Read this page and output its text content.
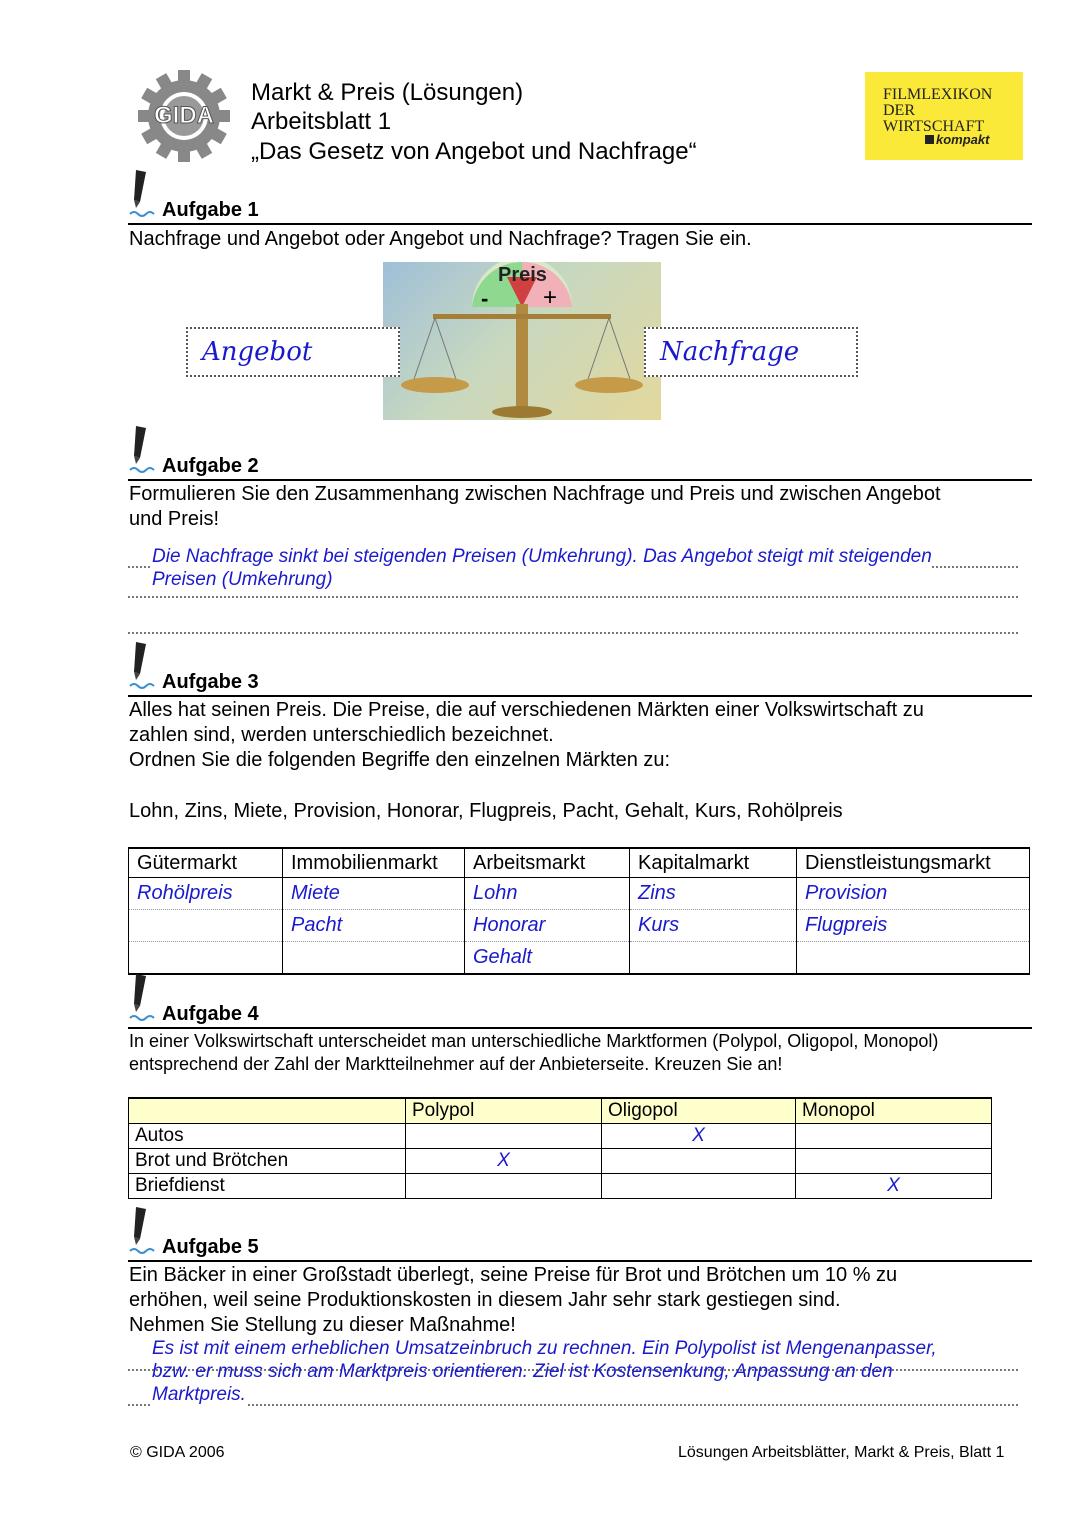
GIDA
Markt & Preis (Lösungen)
Arbeitsblatt 1
„Das Gesetz von Angebot und Nachfrage“
FILMLEXIKON
DER
WIRTSCHAFT
kompakt
Aufgabe 1
Nachfrage und Angebot oder Angebot und Nachfrage? Tragen Sie ein.
Preis
- +
Angebot	Nachfrage
Aufgabe 2
Formulieren Sie den Zusammenhang zwischen Nachfrage und Preis und zwischen Angebot
und Preis!
Die Nachfrage sinkt bei steigenden Preisen (Umkehrung). Das Angebot steigt mit steigenden
Preisen (Umkehrung)
Aufgabe 3
Alles hat seinen Preis. Die Preise, die auf verschiedenen Märkten einer Volkswirtschaft zu
zahlen sind, werden unterschiedlich bezeichnet.
Ordnen Sie die folgenden Begriffe den einzelnen Märkten zu:
Lohn, Zins, Miete, Provision, Honorar, Flugpreis, Pacht, Gehalt, Kurs, Rohölpreis
Gütermarkt	Immobilienmarkt	Arbeitsmarkt	Kapitalmarkt	Dienstleistungsmarkt
Rohölpreis	Miete	Lohn	Zins	Provision
	Pacht	Honorar	Kurs	Flugpreis
		Gehalt		
Aufgabe 4
In einer Volkswirtschaft unterscheidet man unterschiedliche Marktformen (Polypol, Oligopol, Monopol)
entsprechend der Zahl der Marktteilnehmer auf der Anbieterseite. Kreuzen Sie an!
	Polypol	Oligopol	Monopol
Autos		X	
Brot und Brötchen	X		
Briefdienst			X
Aufgabe 5
Ein Bäcker in einer Großstadt überlegt, seine Preise für Brot und Brötchen um 10 % zu
erhöhen, weil seine Produktionskosten in diesem Jahr sehr stark gestiegen sind.
Nehmen Sie Stellung zu dieser Maßnahme!
Es ist mit einem erheblichen Umsatzeinbruch zu rechnen. Ein Polypolist ist Mengenanpasser,
bzw. er muss sich am Marktpreis orientieren. Ziel ist Kostensenkung, Anpassung an den
Marktpreis.
© GIDA 2006	Lösungen Arbeitsblätter, Markt & Preis, Blatt 1
